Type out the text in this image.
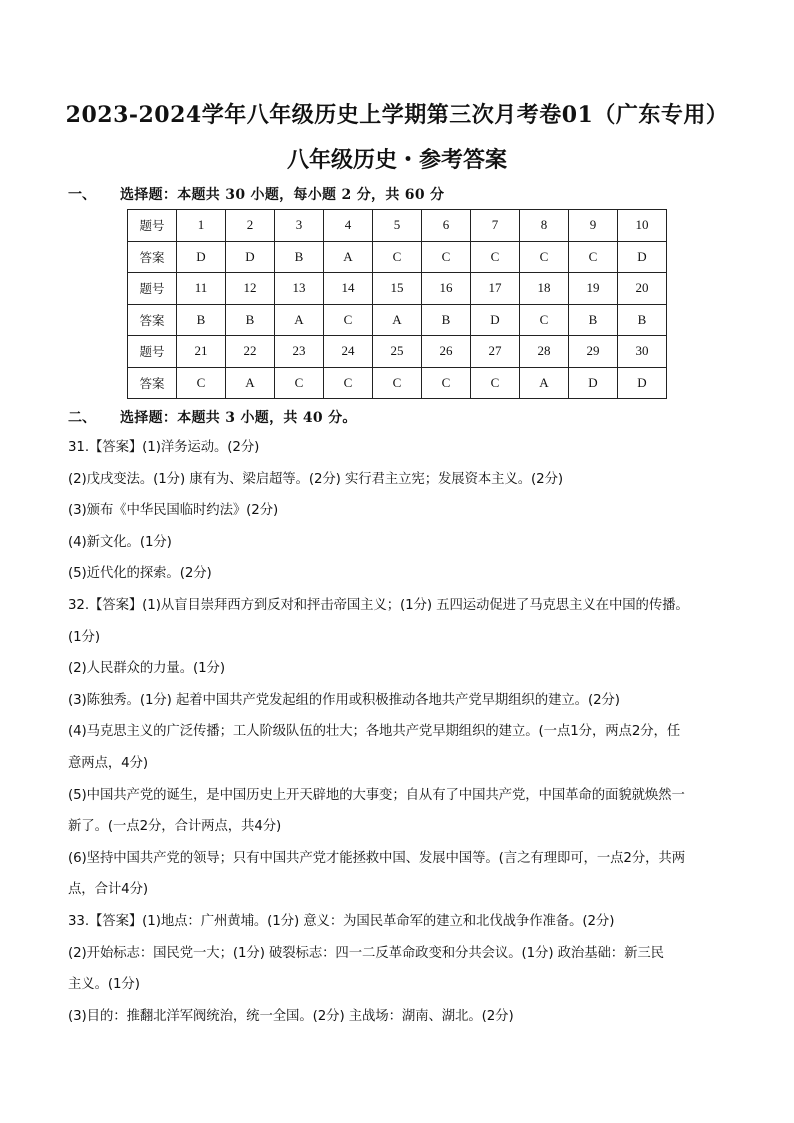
2023-2024学年八年级历史上学期第三次月考卷01（广东专用）
八年级历史・参考答案
一、 选择题：本题共 30 小题，每小题 2 分，共 60 分
题号	1	2	3	4	5	6	7	8	9	10
答案	D	D	B	A	C	C	C	C	C	D
题号	11	12	13	14	15	16	17	18	19	20
答案	B	B	A	C	A	B	D	C	B	B
题号	21	22	23	24	25	26	27	28	29	30
答案	C	A	C	C	C	C	C	A	D	D
二、 选择题：本题共 3 小题，共 40 分。
31.【答案】(1)洋务运动。(2分)
(2)戊戌变法。(1分) 康有为、梁启超等。(2分) 实行君主立宪；发展资本主义。(2分)
(3)颁布《中华民国临时约法》(2分)
(4)新文化。(1分)
(5)近代化的探索。(2分)
32.【答案】(1)从盲目崇拜西方到反对和抨击帝国主义；(1分) 五四运动促进了马克思主义在中国的传播。
(1分)
(2)人民群众的力量。(1分)
(3)陈独秀。(1分) 起着中国共产党发起组的作用或积极推动各地共产党早期组织的建立。(2分)
(4)马克思主义的广泛传播；工人阶级队伍的壮大；各地共产党早期组织的建立。(一点1分，两点2分，任
意两点，4分)
(5)中国共产党的诞生，是中国历史上开天辟地的大事变；自从有了中国共产党，中国革命的面貌就焕然一
新了。(一点2分，合计两点，共4分)
(6)坚持中国共产党的领导；只有中国共产党才能拯救中国、发展中国等。(言之有理即可，一点2分，共两
点，合计4分)
33.【答案】(1)地点：广州黄埔。(1分) 意义：为国民革命军的建立和北伐战争作准备。(2分)
(2)开始标志：国民党一大；(1分) 破裂标志：四一二反革命政变和分共会议。(1分) 政治基础：新三民
主义。(1分)
(3)目的：推翻北洋军阀统治，统一全国。(2分) 主战场：湖南、湖北。(2分)
